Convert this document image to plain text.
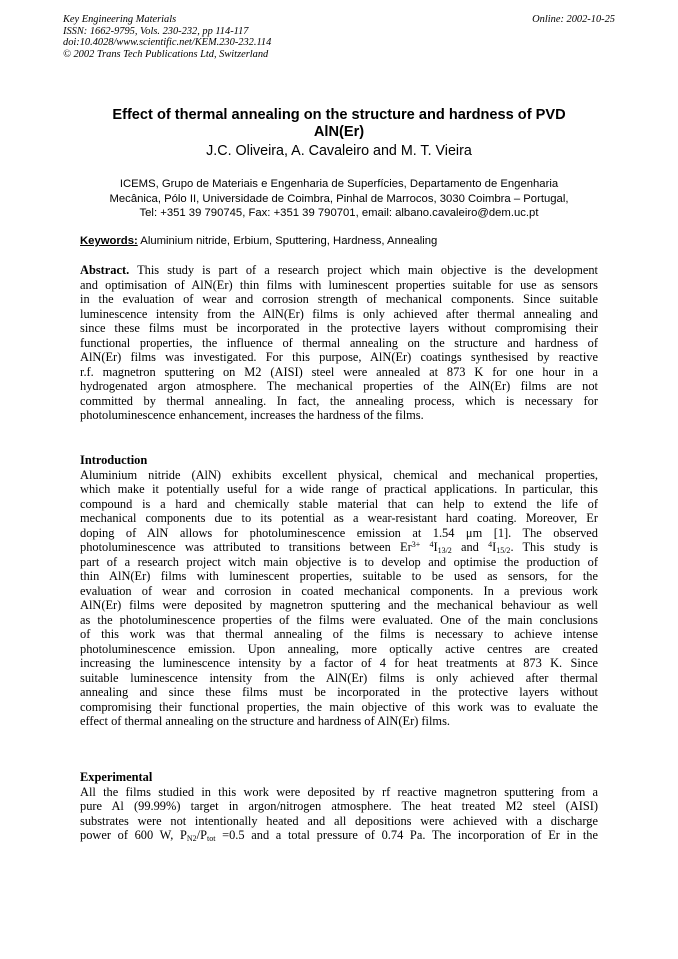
Key Engineering Materials
ISSN: 1662-9795, Vols. 230-232, pp 114-117
doi:10.4028/www.scientific.net/KEM.230-232.114
© 2002 Trans Tech Publications Ltd, Switzerland
Online: 2002-10-25
Effect of thermal annealing on the structure and hardness of PVD
AlN(Er)
J.C. Oliveira, A. Cavaleiro and M. T. Vieira
ICEMS, Grupo de Materiais e Engenharia de Superfícies, Departamento de Engenharia
Mecânica, Pólo II, Universidade de Coimbra, Pinhal de Marrocos, 3030 Coimbra – Portugal,
Tel: +351 39 790745, Fax: +351 39 790701, email: albano.cavaleiro@dem.uc.pt
Keywords: Aluminium nitride, Erbium, Sputtering, Hardness, Annealing
Abstract. This study is part of a research project which main objective is the development
and optimisation of AlN(Er) thin films with luminescent properties suitable for use as sensors
in the evaluation of wear and corrosion strength of mechanical components. Since suitable
luminescence intensity from the AlN(Er) films is only achieved after thermal annealing and
since these films must be incorporated in the protective layers without compromising their
functional properties, the influence of thermal annealing on the structure and hardness of
AlN(Er) films was investigated. For this purpose, AlN(Er) coatings synthesised by reactive
r.f. magnetron sputtering on M2 (AISI) steel were annealed at 873 K for one hour in a
hydrogenated argon atmosphere. The mechanical properties of the AlN(Er) films are not
committed by thermal annealing. In fact, the annealing process, which is necessary for
photoluminescence enhancement, increases the hardness of the films.
Introduction
Aluminium nitride (AlN) exhibits excellent physical, chemical and mechanical properties,
which make it potentially useful for a wide range of practical applications. In particular, this
compound is a hard and chemically stable material that can help to extend the life of
mechanical components due to its potential as a wear-resistant hard coating. Moreover, Er
doping of AlN allows for photoluminescence emission at 1.54 μm [1]. The observed
photoluminescence was attributed to transitions between $Er^{3+}$ $^4I_{13/2}$ and $^4I_{15/2}$. This study is
part of a research project witch main objective is to develop and optimise the production of
thin AlN(Er) films with luminescent properties, suitable to be used as sensors, for the
evaluation of wear and corrosion in coated mechanical components. In a previous work
AlN(Er) films were deposited by magnetron sputtering and the mechanical behaviour as well
as the photoluminescence properties of the films were evaluated. One of the main conclusions
of this work was that thermal annealing of the films is necessary to achieve intense
photoluminescence emission. Upon annealing, more optically active centres are created
increasing the luminescence intensity by a factor of 4 for heat treatments at 873 K. Since
suitable luminescence intensity from the AlN(Er) films is only achieved after thermal
annealing and since these films must be incorporated in the protective layers without
compromising their functional properties, the main objective of this work was to evaluate the
effect of thermal annealing on the structure and hardness of AlN(Er) films.
Experimental
All the films studied in this work were deposited by rf reactive magnetron sputtering from a
pure Al (99.99%) target in argon/nitrogen atmosphere. The heat treated M2 steel (AISI)
substrates were not intentionally heated and all depositions were achieved with a discharge
power of 600 W, $P_{N2}/P_{tot} =0.5$ and a total pressure of 0.74 Pa. The incorporation of Er in the
